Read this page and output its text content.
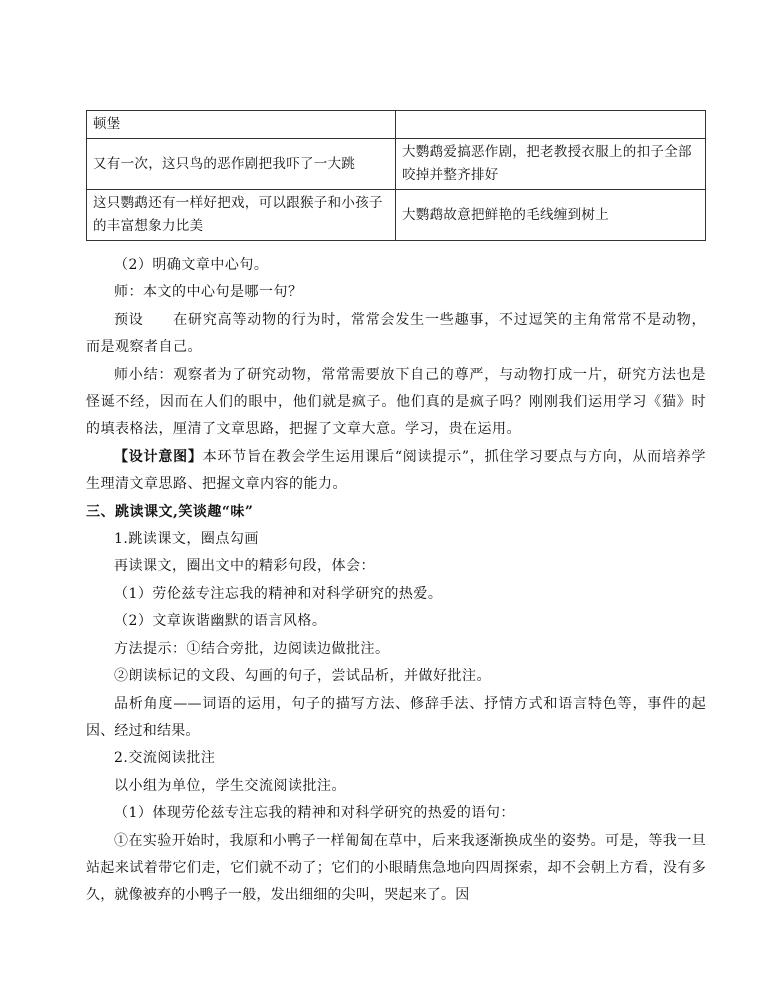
顿堡	
又有一次，这只鸟的恶作剧把我吓了一大跳	大鹦鹉爱搞恶作剧，把老教授衣服上的扣子全部咬掉并整齐排好
这只鹦鹉还有一样好把戏，可以跟猴子和小孩子的丰富想象力比美	大鹦鹉故意把鲜艳的毛线缠到树上

（2）明确文章中心句。

师：本文的中心句是哪一句？

预设　　在研究高等动物的行为时，常常会发生一些趣事，不过逗笑的主角常常不是动物，而是观察者自己。

师小结：观察者为了研究动物，常常需要放下自己的尊严，与动物打成一片，研究方法也是怪诞不经，因而在人们的眼中，他们就是疯子。他们真的是疯子吗？刚刚我们运用学习《猫》时的填表格法，厘清了文章思路，把握了文章大意。学习，贵在运用。

【设计意图】本环节旨在教会学生运用课后“阅读提示”，抓住学习要点与方向，从而培养学生理清文章思路、把握文章内容的能力。

三、跳读课文,笑谈趣“味”

1.跳读课文，圈点勾画

再读课文，圈出文中的精彩句段，体会：

（1）劳伦兹专注忘我的精神和对科学研究的热爱。

（2）文章诙谐幽默的语言风格。

方法提示：①结合旁批，边阅读边做批注。

②朗读标记的文段、勾画的句子，尝试品析，并做好批注。

品析角度——词语的运用，句子的描写方法、修辞手法、抒情方式和语言特色等，事件的起因、经过和结果。

2.交流阅读批注

以小组为单位，学生交流阅读批注。

（1）体现劳伦兹专注忘我的精神和对科学研究的热爱的语句：

①在实验开始时，我原和小鸭子一样匍匐在草中，后来我逐渐换成坐的姿势。可是，等我一旦站起来试着带它们走，它们就不动了；它们的小眼睛焦急地向四周探索，却不会朝上方看，没有多久，就像被弃的小鸭子一般，发出细细的尖叫，哭起来了。因
